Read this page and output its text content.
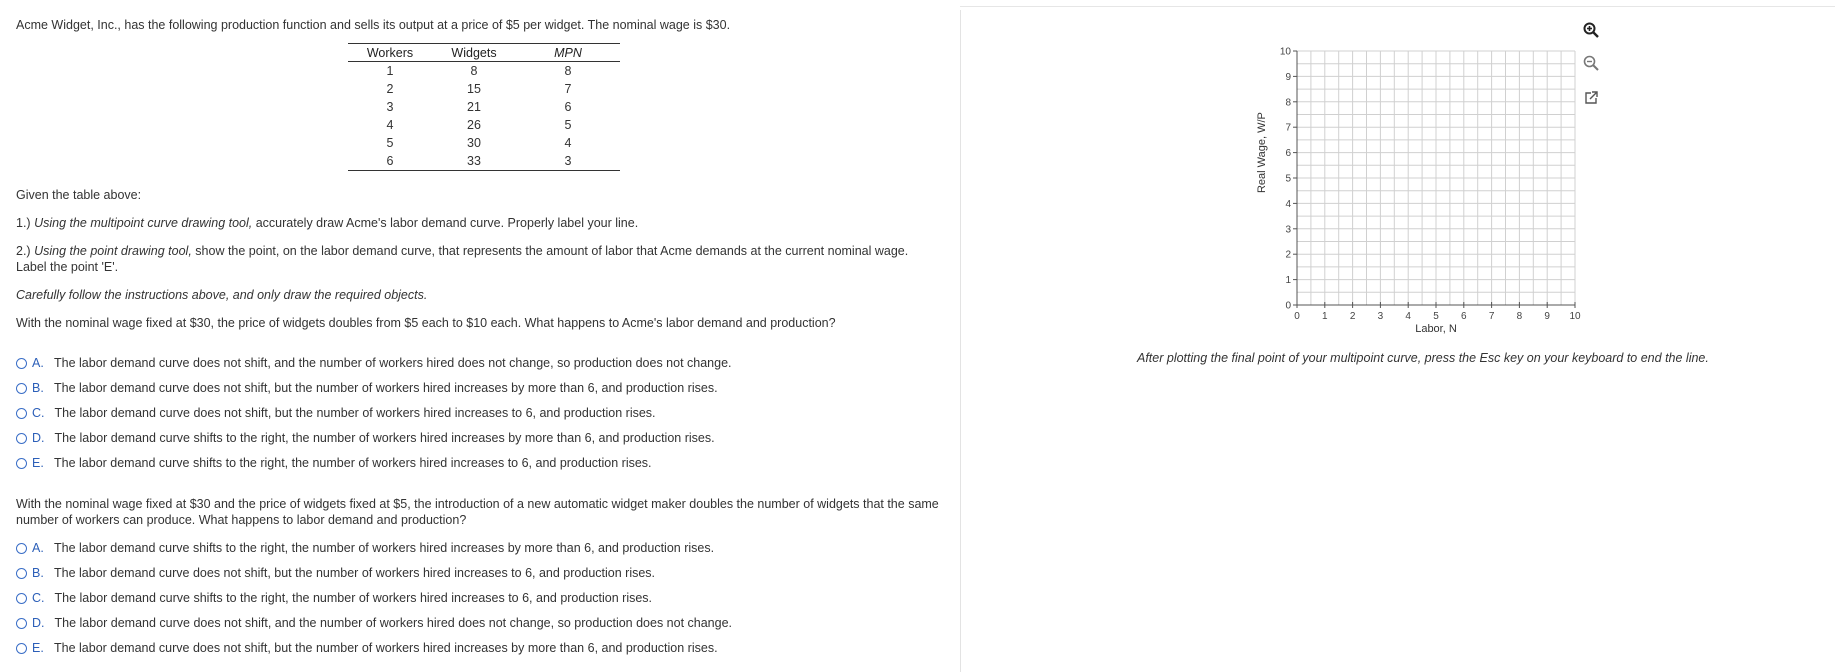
Acme Widget, Inc., has the following production function and sells its output at a price of $5 per widget. The nominal wage is $30.
Workers	Widgets	MPN
1	8	8
2	15	7
3	21	6
4	26	5
5	30	4
6	33	3
Given the table above:
1.) Using the multipoint curve drawing tool, accurately draw Acme's labor demand curve. Properly label your line.
2.) Using the point drawing tool, show the point, on the labor demand curve, that represents the amount of labor that Acme demands at the current nominal wage.
Label the point 'E'.
Carefully follow the instructions above, and only draw the required objects.
With the nominal wage fixed at $30, the price of widgets doubles from $5 each to $10 each. What happens to Acme's labor demand and production?
A. The labor demand curve does not shift, and the number of workers hired does not change, so production does not change.
B. The labor demand curve does not shift, but the number of workers hired increases by more than 6, and production rises.
C. The labor demand curve does not shift, but the number of workers hired increases to 6, and production rises.
D. The labor demand curve shifts to the right, the number of workers hired increases by more than 6, and production rises.
E. The labor demand curve shifts to the right, the number of workers hired increases to 6, and production rises.
With the nominal wage fixed at $30 and the price of widgets fixed at $5, the introduction of a new automatic widget maker doubles the number of widgets that the same number of workers can produce. What happens to labor demand and production?
A. The labor demand curve shifts to the right, the number of workers hired increases by more than 6, and production rises.
B. The labor demand curve does not shift, but the number of workers hired increases to 6, and production rises.
C. The labor demand curve shifts to the right, the number of workers hired increases to 6, and production rises.
D. The labor demand curve does not shift, and the number of workers hired does not change, so production does not change.
E. The labor demand curve does not shift, but the number of workers hired increases by more than 6, and production rises.
0 1 2 3 4 5 6 7 8 9 10
0
1
2
3
4
5
6
7
8
9
10
Labor, N
Real Wage, W/P
After plotting the final point of your multipoint curve, press the Esc key on your keyboard to end the line.
